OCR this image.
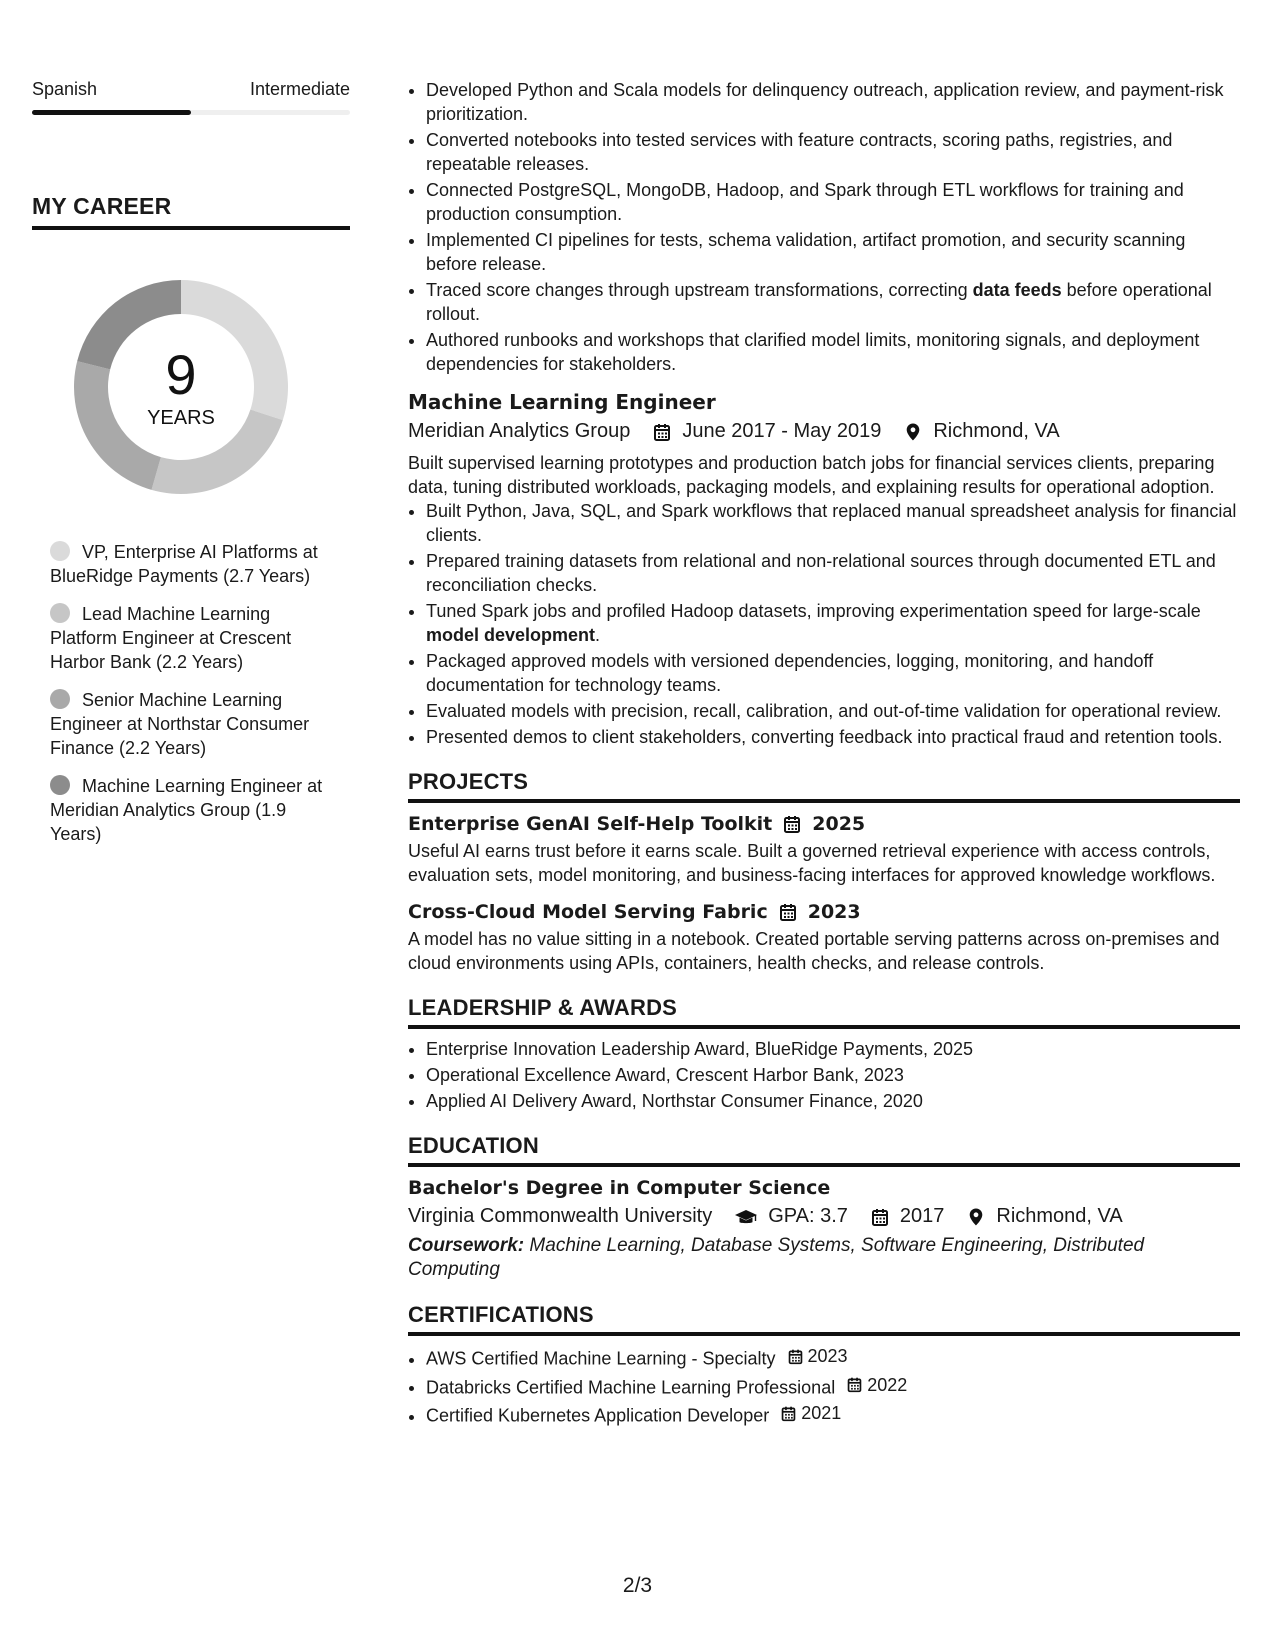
Spanish	Intermediate
MY CAREER
9
YEARS
VP, Enterprise AI Platforms at BlueRidge Payments (2.7 Years)
Lead Machine Learning Platform Engineer at Crescent Harbor Bank (2.2 Years)
Senior Machine Learning Engineer at Northstar Consumer Finance (2.2 Years)
Machine Learning Engineer at Meridian Analytics Group (1.9 Years)
• Developed Python and Scala models for delinquency outreach, application review, and payment-risk prioritization.
• Converted notebooks into tested services with feature contracts, scoring paths, registries, and repeatable releases.
• Connected PostgreSQL, MongoDB, Hadoop, and Spark through ETL workflows for training and production consumption.
• Implemented CI pipelines for tests, schema validation, artifact promotion, and security scanning before release.
• Traced score changes through upstream transformations, correcting data feeds before operational rollout.
• Authored runbooks and workshops that clarified model limits, monitoring signals, and deployment dependencies for stakeholders.
Machine Learning Engineer
Meridian Analytics Group	June 2017 - May 2019	Richmond, VA
Built supervised learning prototypes and production batch jobs for financial services clients, preparing data, tuning distributed workloads, packaging models, and explaining results for operational adoption.
• Built Python, Java, SQL, and Spark workflows that replaced manual spreadsheet analysis for financial clients.
• Prepared training datasets from relational and non-relational sources through documented ETL and reconciliation checks.
• Tuned Spark jobs and profiled Hadoop datasets, improving experimentation speed for large-scale model development.
• Packaged approved models with versioned dependencies, logging, monitoring, and handoff documentation for technology teams.
• Evaluated models with precision, recall, calibration, and out-of-time validation for operational review.
• Presented demos to client stakeholders, converting feedback into practical fraud and retention tools.
PROJECTS
Enterprise GenAI Self-Help Toolkit 2025
Useful AI earns trust before it earns scale. Built a governed retrieval experience with access controls, evaluation sets, model monitoring, and business-facing interfaces for approved knowledge workflows.
Cross-Cloud Model Serving Fabric 2023
A model has no value sitting in a notebook. Created portable serving patterns across on-premises and cloud environments using APIs, containers, health checks, and release controls.
LEADERSHIP & AWARDS
• Enterprise Innovation Leadership Award, BlueRidge Payments, 2025
• Operational Excellence Award, Crescent Harbor Bank, 2023
• Applied AI Delivery Award, Northstar Consumer Finance, 2020
EDUCATION
Bachelor's Degree in Computer Science
Virginia Commonwealth University	GPA: 3.7	2017	Richmond, VA
Coursework: Machine Learning, Database Systems, Software Engineering, Distributed Computing
CERTIFICATIONS
• AWS Certified Machine Learning - Specialty 2023
• Databricks Certified Machine Learning Professional 2022
• Certified Kubernetes Application Developer 2021
2/3
